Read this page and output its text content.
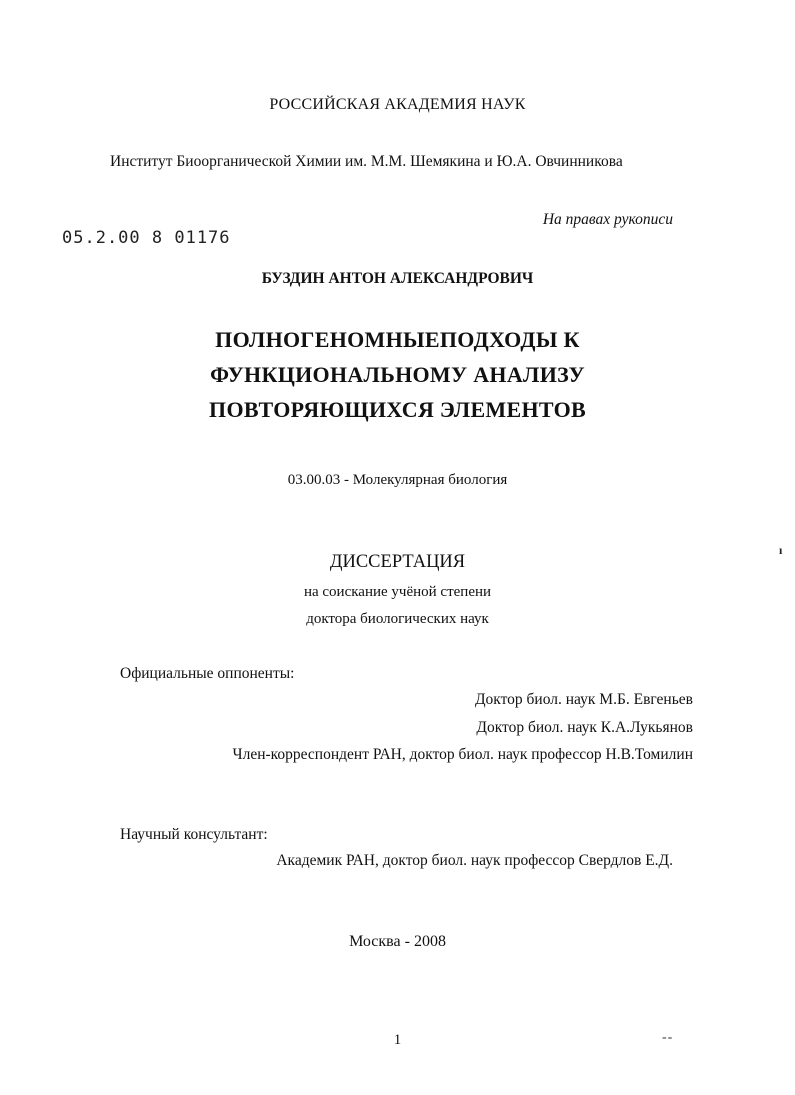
РОССИЙСКАЯ АКАДЕМИЯ НАУК
Институт Биоорганической Химии им. М.М. Шемякина и Ю.А. Овчинникова
05.2.00 8 01176
На правах рукописи
БУЗДИН АНТОН АЛЕКСАНДРОВИЧ
ПОЛНОГЕНОМНЫЕПОДХОДЫ К
ФУНКЦИОНАЛЬНОМУ АНАЛИЗУ
ПОВТОРЯЮЩИХСЯ ЭЛЕМЕНТОВ
03.00.03 - Молекулярная биология
ДИССЕРТАЦИЯ
на соискание учёной степени
доктора биологических наук
Официальные оппоненты:
Доктор биол. наук М.Б. Евгеньев
Доктор биол. наук К.А.Лукьянов
Член-корреспондент РАН, доктор биол. наук профессор Н.В.Томилин
Научный консультант:
Академик РАН, доктор биол. наук профессор Свердлов Е.Д.
Москва - 2008
1	--
ı
